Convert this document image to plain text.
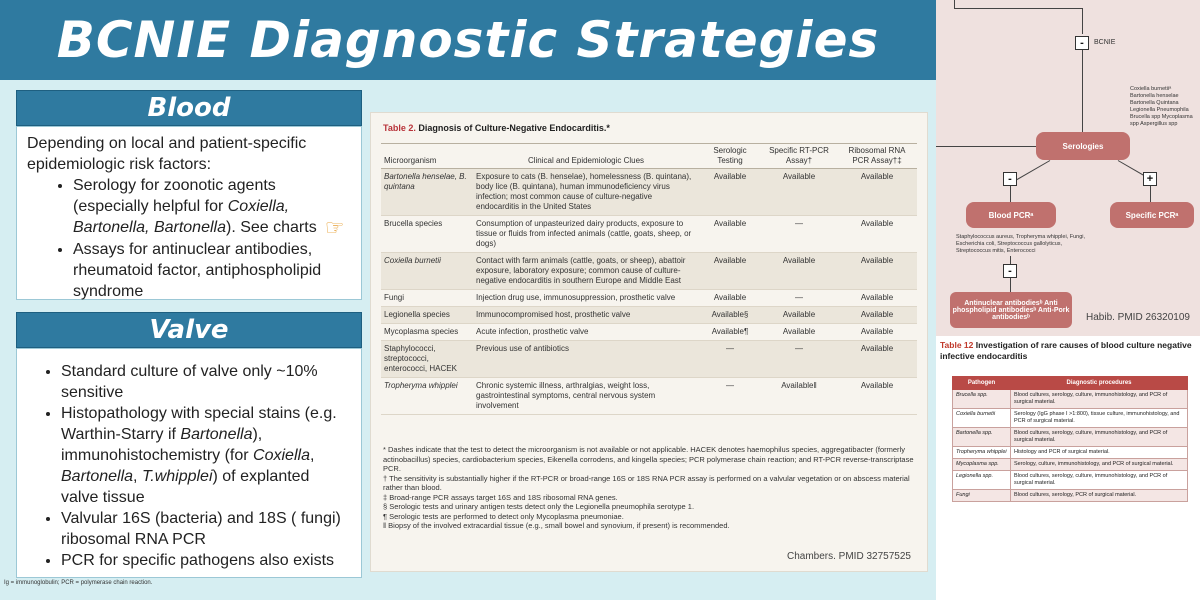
BCNIE Diagnostic Strategies
Blood
Depending on local and patient-specific epidemiologic risk factors:
• Serology for zoonotic agents (especially helpful for Coxiella, Bartonella, Bartonella). See charts ☞
• Assays for antinuclear antibodies, rheumatoid factor, antiphospholipid syndrome
Valve
• Standard culture of valve only ~10% sensitive
• Histopathology with special stains (e.g. Warthin-Starry if Bartonella), immunohistochemistry (for Coxiella, Bartonella, T.whipplei) of explanted valve tissue
• Valvular 16S (bacteria) and 18S ( fungi) ribosomal RNA PCR
• PCR for specific pathogens also exists
Table 2. Diagnosis of Culture-Negative Endocarditis.*
Microorganism	Clinical and Epidemiologic Clues	Serologic Testing	Specific RT-PCR Assay†	Ribosomal RNA PCR Assay†‡
Bartonella henselae, B. quintana	Exposure to cats (B. henselae), homelessness (B. quintana), body lice (B. quintana), human immunodeficiency virus infection; most common cause of culture-negative endocarditis in the United States	Available	Available	Available
Brucella species	Consumption of unpasteurized dairy products, exposure to tissue or fluids from infected animals (cattle, goats, sheep, or dogs)	Available	—	Available
Coxiella burnetii	Contact with farm animals (cattle, goats, or sheep), abattoir exposure, laboratory exposure; common cause of culture-negative endocarditis in southern Europe and Middle East	Available	Available	Available
Fungi	Injection drug use, immunosuppression, prosthetic valve	Available	—	Available
Legionella species	Immunocompromised host, prosthetic valve	Available§	Available	Available
Mycoplasma species	Acute infection, prosthetic valve	Available¶	Available	Available
Staphylococci, streptococci, enterococci, HACEK	Previous use of antibiotics	—	—	Available
Tropheryma whipplei	Chronic systemic illness, arthralgias, weight loss, gastrointestinal symptoms, central nervous system involvement	—	Available‖	Available
* Dashes indicate that the test to detect the microorganism is not available or not applicable. HACEK denotes haemophilus species, aggregatibacter (formerly actinobacillus) species, cardiobacterium species, Eikenella corrodens, and kingella species; PCR polymerase chain reaction; and RT-PCR reverse-transcriptase PCR.
† The sensitivity is substantially higher if the RT-PCR or broad-range 16S or 18S RNA PCR assay is performed on a valvular vegetation or on abscess material rather than blood.
‡ Broad-range PCR assays target 16S and 18S ribosomal RNA genes.
§ Serologic tests and urinary antigen tests detect only the Legionella pneumophila serotype 1.
¶ Serologic tests are performed to detect only Mycoplasma pneumoniae.
‖ Biopsy of the involved extracardial tissue (e.g., small bowel and synovium, if present) is recommended.
Chambers. PMID 32757525
-	BCNIE
Coxiella burnetiiᵃ Bartonella henselae Bartonella Quintana Legionella Pneumophila Brucella spp Mycoplasma spp Aspergillus spp
Serologies
-	+
Blood PCRᵃ	Specific PCRᵃ
Staphylococcus aureus, Tropheryma whipplei, Fungi, Escherichia coli, Streptococcus gallolyticus, Streptococcus mitis, Enterococci
-
Antinuclear antibodiesᵇ Anti phospholipid antibodiesᵇ Anti-Pork antibodiesᵇ	Habib. PMID 26320109
Table 12 Investigation of rare causes of blood culture negative infective endocarditis
Pathogen	Diagnostic procedures
Brucella spp.	Blood cultures, serology, culture, immunohistology, and PCR of surgical material.
Coxiella burnetii	Serology (IgG phase I >1:800), tissue culture, immunohistology, and PCR of surgical material.
Bartonella spp.	Blood cultures, serology, culture, immunohistology, and PCR of surgical material.
Tropheryma whipplei	Histology and PCR of surgical material.
Mycoplasma spp.	Serology, culture, immunohistology, and PCR of surgical material.
Legionella spp.	Blood cultures, serology, culture, immunohistology, and PCR of surgical material.
Fungi	Blood cultures, serology, PCR of surgical material.
Ig = immunoglobulin; PCR = polymerase chain reaction.
